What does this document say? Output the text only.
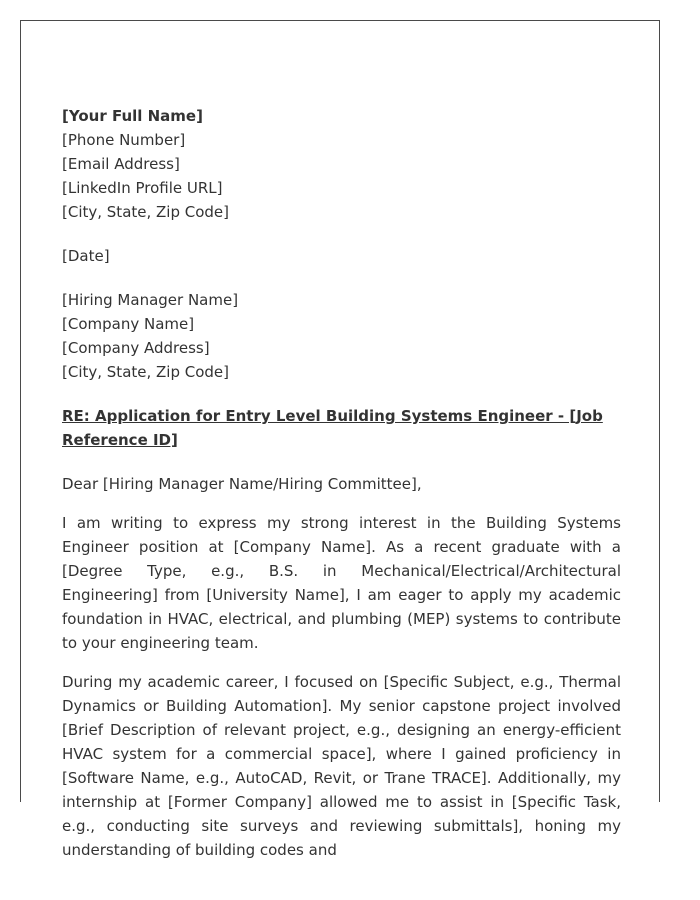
[Your Full Name]
[Phone Number]
[Email Address]
[LinkedIn Profile URL]
[City, State, Zip Code]
[Date]
[Hiring Manager Name]
[Company Name]
[Company Address]
[City, State, Zip Code]
RE: Application for Entry Level Building Systems Engineer - [Job Reference ID]
Dear [Hiring Manager Name/Hiring Committee],

I am writing to express my strong interest in the Building Systems Engineer position at [Company Name]. As a recent graduate with a [Degree Type, e.g., B.S. in Mechanical/Electrical/Architectural Engineering] from [University Name], I am eager to apply my academic foundation in HVAC, electrical, and plumbing (MEP) systems to contribute to your engineering team.

During my academic career, I focused on [Specific Subject, e.g., Thermal Dynamics or Building Automation]. My senior capstone project involved [Brief Description of relevant project, e.g., designing an energy-efficient HVAC system for a commercial space], where I gained proficiency in [Software Name, e.g., AutoCAD, Revit, or Trane TRACE]. Additionally, my internship at [Former Company] allowed me to assist in [Specific Task, e.g., conducting site surveys and reviewing submittals], honing my understanding of building codes and
